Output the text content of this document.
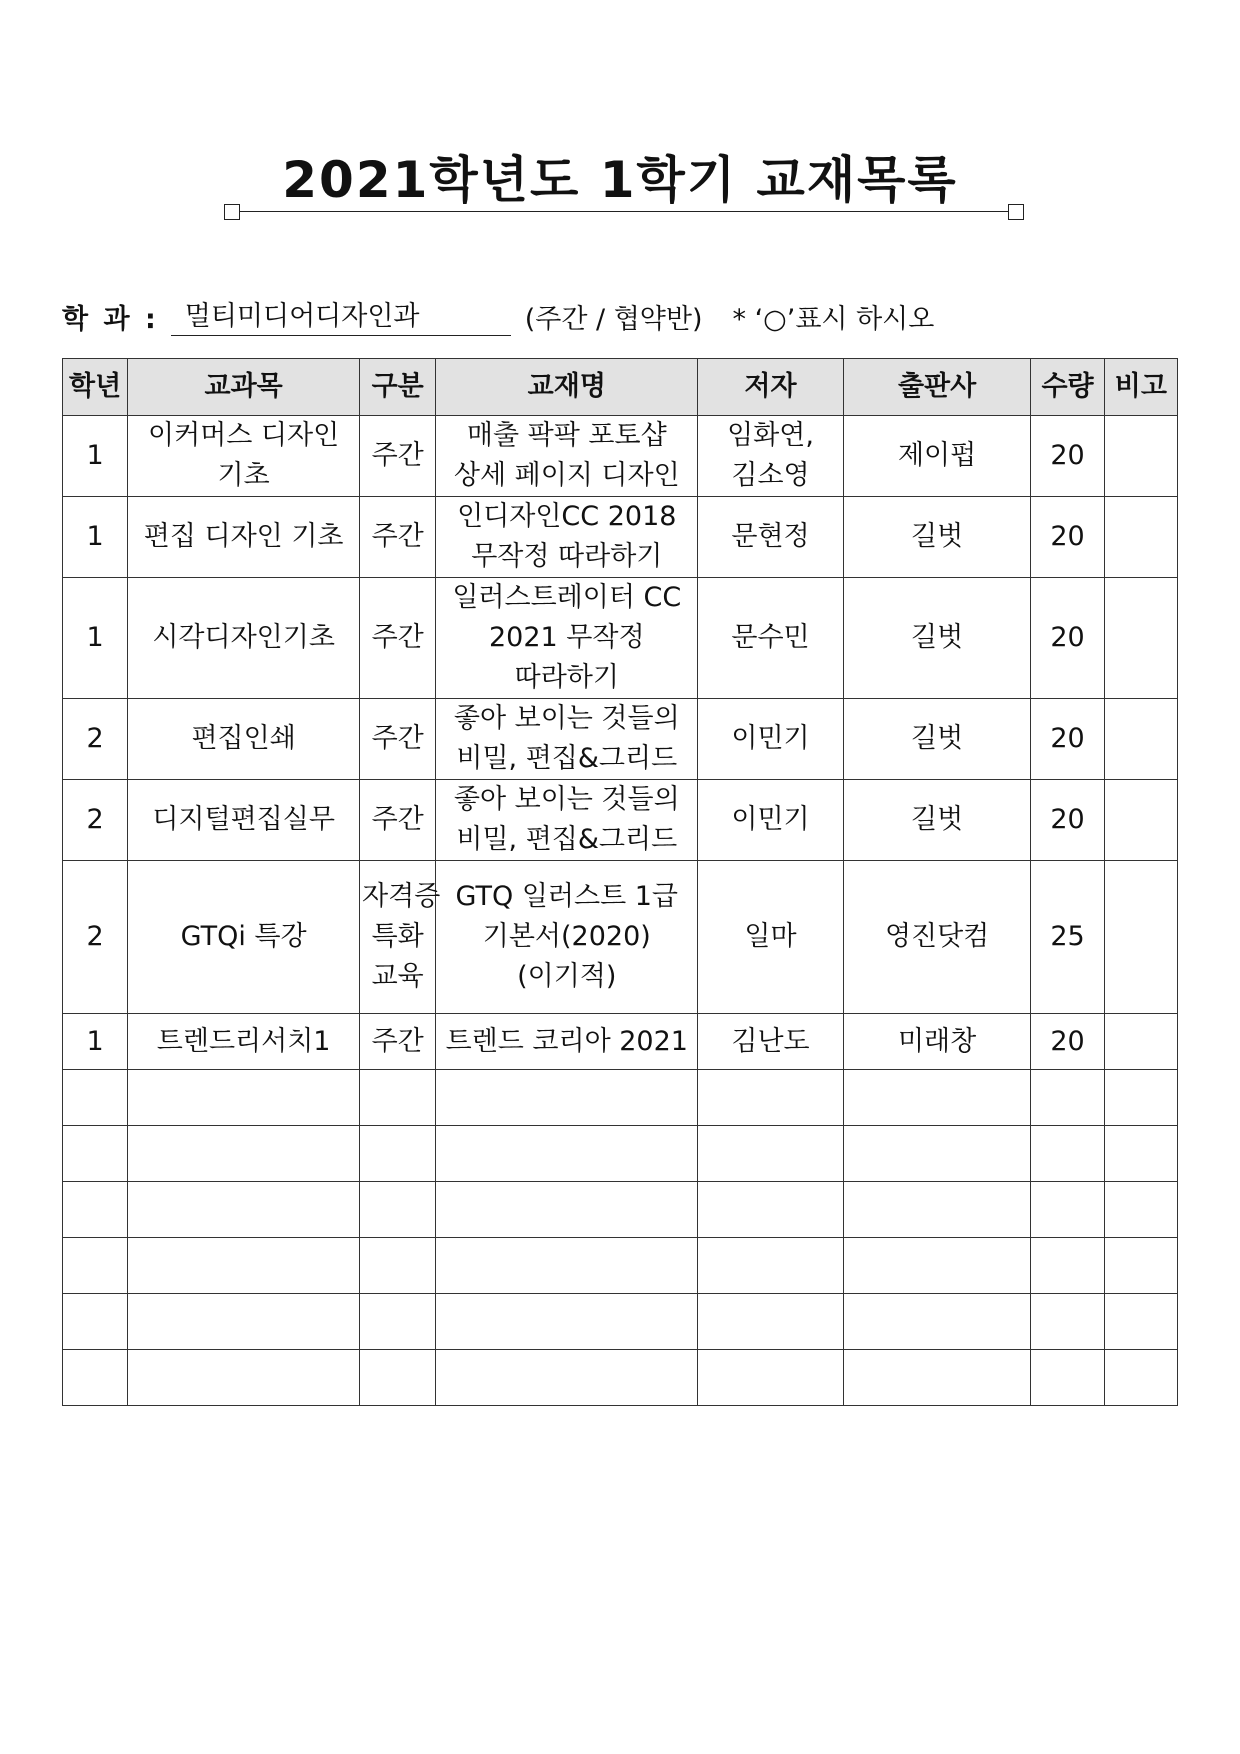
2021학년도 1학기 교재목록
학 과 : 멀티미디어디자인과	(주간 / 협약반) * ‘○’표시 하시오
학년	교과목	구분	교재명	저자	출판사	수량	비고
1	이커머스 디자인 기초	주간	매출 팍팍 포토샵 상세 페이지 디자인	임화연, 김소영	제이펍	20	
1	편집 디자인 기초	주간	인디자인CC 2018 무작정 따라하기	문현정	길벗	20	
1	시각디자인기초	주간	일러스트레이터 CC 2021 무작정 따라하기	문수민	길벗	20	
2	편집인쇄	주간	좋아 보이는 것들의 비밀, 편집&그리드	이민기	길벗	20	
2	디지털편집실무	주간	좋아 보이는 것들의 비밀, 편집&그리드	이민기	길벗	20	
2	GTQi 특강	자격증 특화 교육	GTQ 일러스트 1급 기본서(2020)(이기적)	일마	영진닷컴	25	
1	트렌드리서치1	주간	트렌드 코리아 2021	김난도	미래창	20	
